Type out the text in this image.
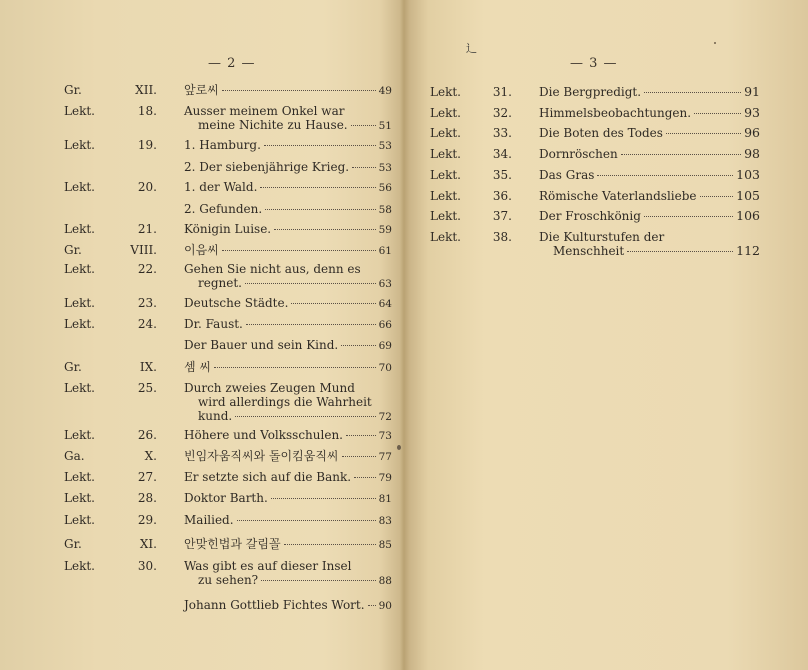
— 2 —
Gr.	XII. 앞로씨	49
Lekt.	18. Ausser meinem Onkel war
meine Nichite zu Hause.	51
Lekt.	19. 1. Hamburg.	53
2. Der siebenjährige Krieg.	53
Lekt.	20. 1. der Wald.	56
2. Gefunden.	58
Lekt.	21. Königin Luise.	59
Gr.	VIII. 이음씨	61
Lekt.	22. Gehen Sie nicht aus, denn es
regnet.	63
Lekt.	23. Deutsche Städte.	64
Lekt.	24. Dr. Faust.	66
Der Bauer und sein Kind.	69
Gr.	IX. 셈 씨	70
Lekt.	25. Durch zweies Zeugen Mund
wird allerdings die Wahrheit
kund.	72
Lekt.	26. Höhere und Volksschulen.	73
Ga.	X. 빈임자움직씨와 돌이킴움직씨	77
Lekt.	27. Er setzte sich auf die Bank.	79
Lekt.	28. Doktor Barth.	81
Lekt.	29. Mailied.	83
Gr.	XI. 안맞힌법과 갈림꼴	85
Lekt.	30. Was gibt es auf dieser Insel
zu sehen?	88
Johann Gottlieb Fichtes Wort. 90
— 3 —
⻌
Lekt.	31. Die Bergpredigt.	91
Lekt.	32. Himmelsbeobachtungen.	93
Lekt.	33. Die Boten des Todes	96
Lekt.	34. Dornröschen	98
Lekt.	35. Das Gras	103
Lekt.	36. Römische Vaterlandsliebe	105
Lekt.	37. Der Froschkönig	106
Lekt.	38. Die Kulturstufen der
Menschheit	112
